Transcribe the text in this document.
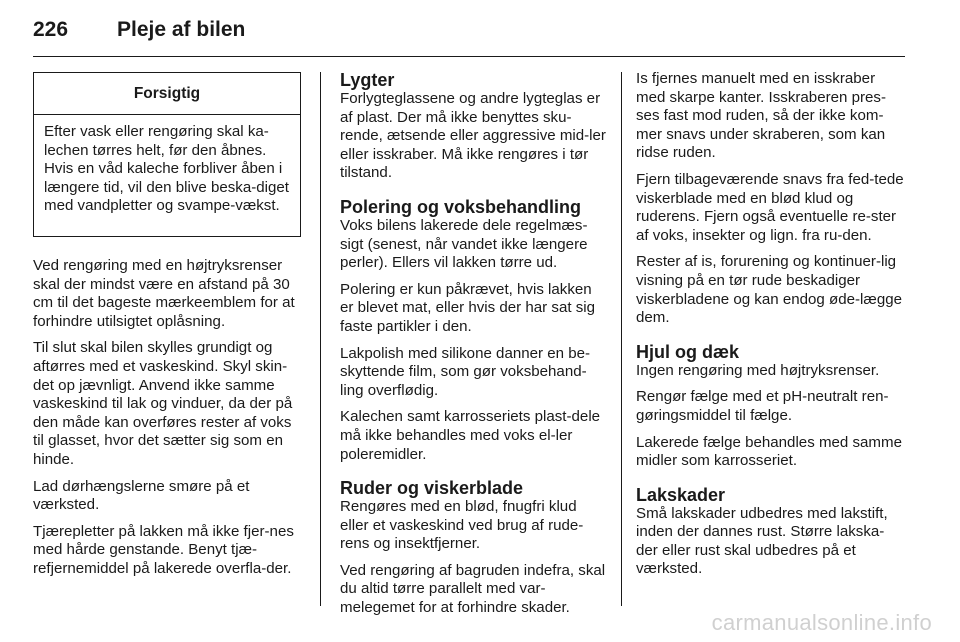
226 Pleje af bilen
Forsigtig
Efter vask eller rengøring skal ka-lechen tørres helt, før den åbnes. Hvis en våd kaleche forbliver åben i længere tid, vil den blive beska-diget med vandpletter og svampe-vækst.

Ved rengøring med en højtryksrenser skal der mindst være en afstand på 30 cm til det bageste mærkeemblem for at forhindre utilsigtet oplåsning.

Til slut skal bilen skylles grundigt og aftørres med et vaskeskind. Skyl skin-det op jævnligt. Anvend ikke samme vaskeskind til lak og vinduer, da der på den måde kan overføres rester af voks til glasset, hvor det sætter sig som en hinde.

Lad dørhængslerne smøre på et værksted.

Tjærepletter på lakken må ikke fjer-nes med hårde genstande. Benyt tjæ-refjernemiddel på lakerede overfla-der.

Lygter

Forlygteglassene og andre lygteglas er af plast. Der må ikke benyttes sku-rende, ætsende eller aggressive mid-ler eller isskraber. Må ikke rengøres i tør tilstand.

Polering og voksbehandling

Voks bilens lakerede dele regelmæs-sigt (senest, når vandet ikke længere perler). Ellers vil lakken tørre ud.

Polering er kun påkrævet, hvis lakken er blevet mat, eller hvis der har sat sig faste partikler i den.

Lakpolish med silikone danner en be-skyttende film, som gør voksbehand-ling overflødig.

Kalechen samt karrosseriets plast-dele må ikke behandles med voks el-ler poleremidler.

Ruder og viskerblade

Rengøres med en blød, fnugfri klud eller et vaskeskind ved brug af rude-rens og insektfjerner.

Ved rengøring af bagruden indefra, skal du altid tørre parallelt med var-melegemet for at forhindre skader.

Is fjernes manuelt med en isskraber med skarpe kanter. Isskraberen pres-ses fast mod ruden, så der ikke kom-mer snavs under skraberen, som kan ridse ruden.

Fjern tilbageværende snavs fra fed-tede viskerblade med en blød klud og ruderens. Fjern også eventuelle re-ster af voks, insekter og lign. fra ru-den.

Rester af is, forurening og kontinuer-lig visning på en tør rude beskadiger viskerbladene og kan endog øde-lægge dem.

Hjul og dæk

Ingen rengøring med højtryksrenser.

Rengør fælge med et pH-neutralt ren-gøringsmiddel til fælge.

Lakerede fælge behandles med samme midler som karrosseriet.

Lakskader

Små lakskader udbedres med lakstift, inden der dannes rust. Større lakska-der eller rust skal udbedres på et værksted.

carmanualsonline.info
